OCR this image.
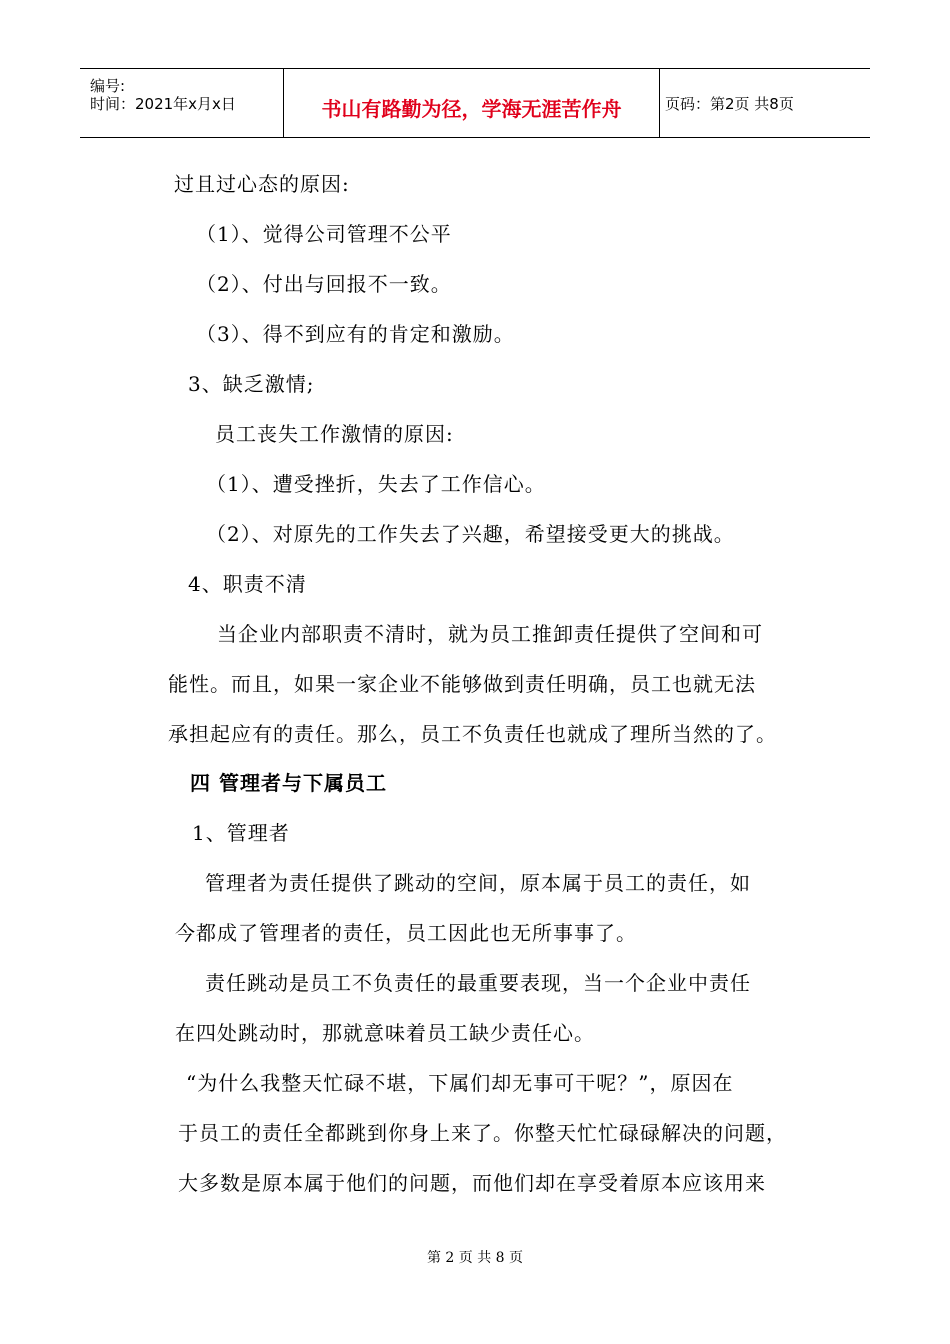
编号:
时间：2021年x月x日	书山有路勤为径，学海无涯苦作舟	页码：第2页 共8页
过且过心态的原因:
（1）、觉得公司管理不公平
（2）、付出与回报不一致。
（3）、得不到应有的肯定和激励。
3、缺乏激情;
员工丧失工作激情的原因:
（1）、遭受挫折，失去了工作信心。
（2）、对原先的工作失去了兴趣，希望接受更大的挑战。
4、职责不清
当企业内部职责不清时，就为员工推卸责任提供了空间和可
能性。而且，如果一家企业不能够做到责任明确，员工也就无法
承担起应有的责任。那么，员工不负责任也就成了理所当然的了。
四 管理者与下属员工
1、管理者
管理者为责任提供了跳动的空间，原本属于员工的责任，如
今都成了管理者的责任，员工因此也无所事事了。
责任跳动是员工不负责任的最重要表现，当一个企业中责任
在四处跳动时，那就意味着员工缺少责任心。
“为什么我整天忙碌不堪，下属们却无事可干呢？”，原因在
于员工的责任全都跳到你身上来了。你整天忙忙碌碌解决的问题，
大多数是原本属于他们的问题，而他们却在享受着原本应该用来
第 2 页 共 8 页
